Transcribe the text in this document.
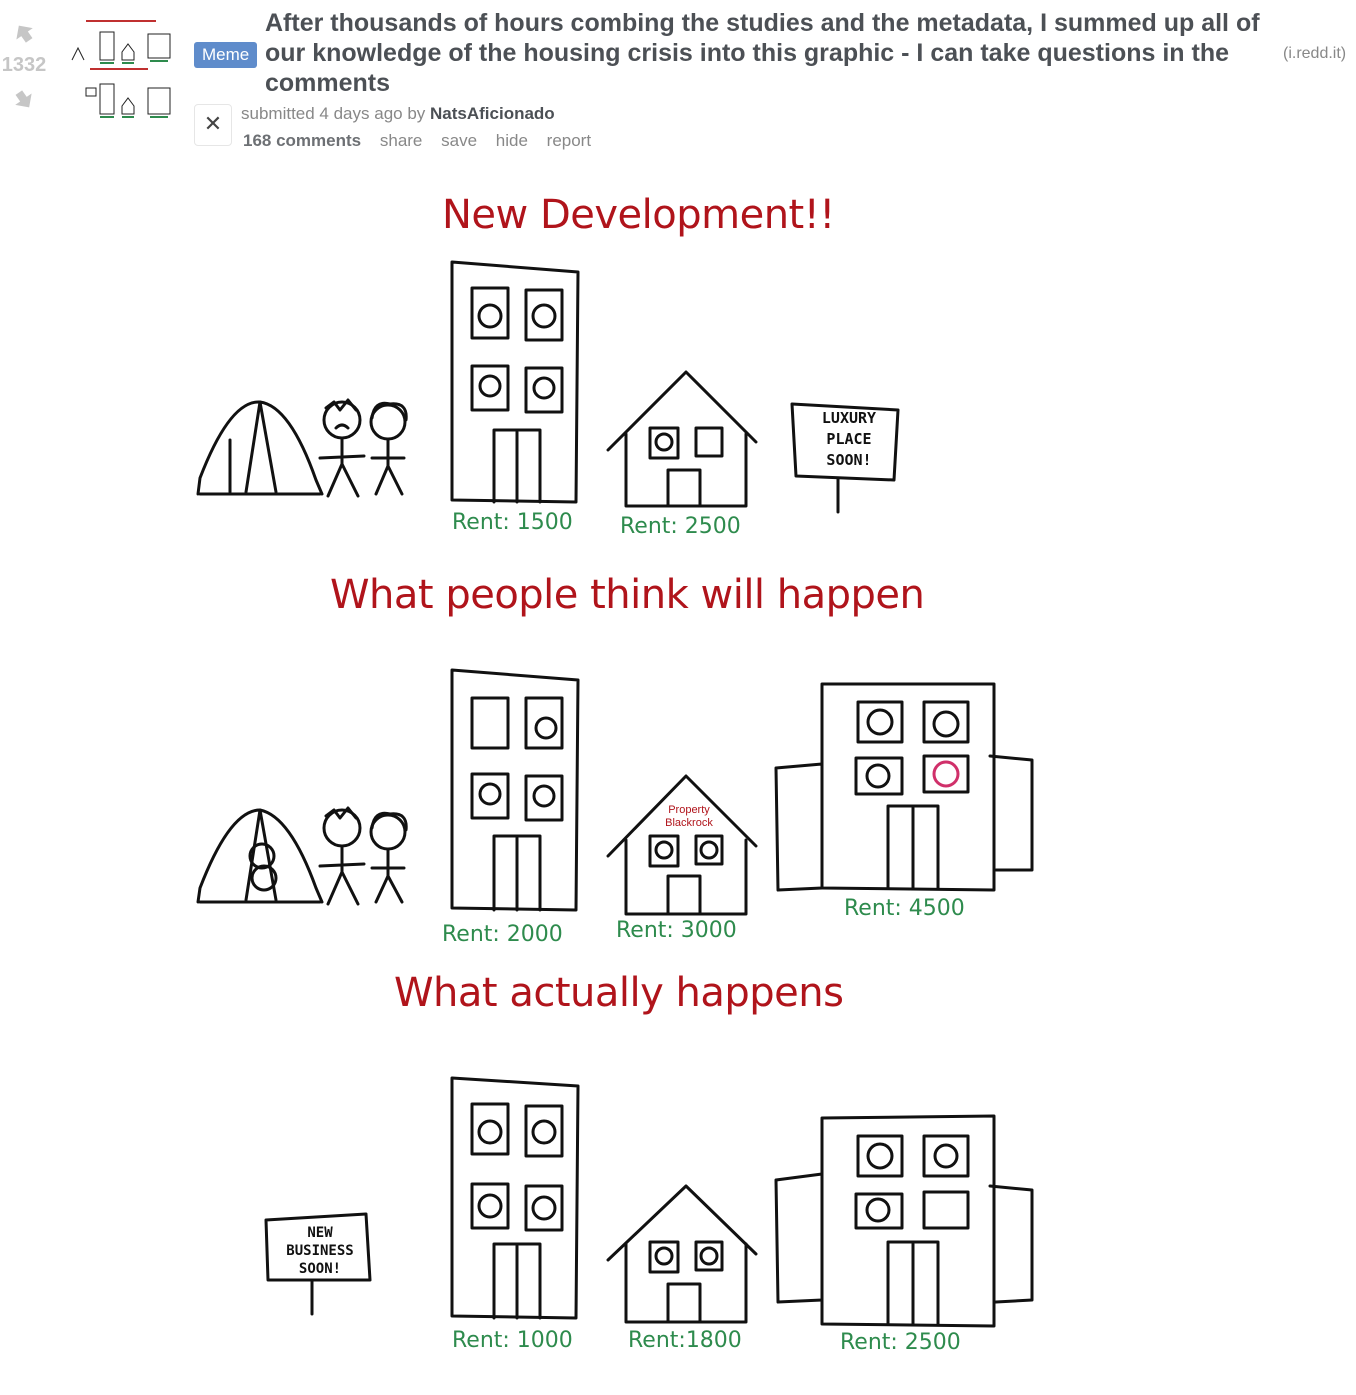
1332	Meme
After thousands of hours combing the studies and the metadata, I summed up all of our knowledge of the housing crisis into this graphic - I can take questions in the comments
(i.redd.it)
✕	submitted 4 days ago by NatsAficionado
168 comments share save hide report
New Development!!
Rent: 1500 Rent: 2500
LUXURY
PLACE
SOON!
What people think will happen
Rent: 2000 Rent: 3000
Rent: 4500
Property
Blackrock
What actually happens
Rent: 1000	Rent:1800	Rent: 2500
NEW
BUSINESS
SOON!
